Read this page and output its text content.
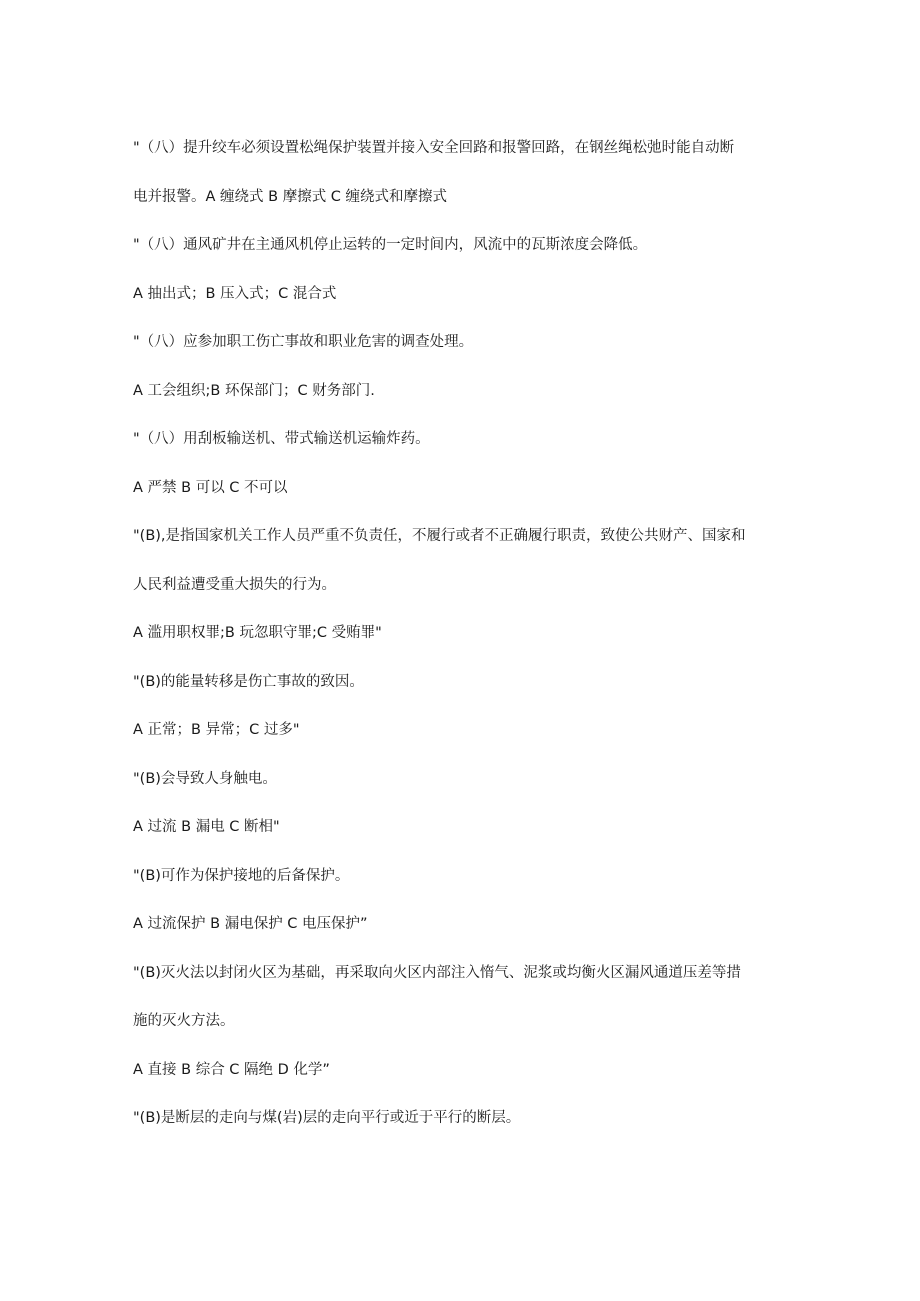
"（八）提升绞车必须设置松绳保护装置并接入安全回路和报警回路，在钢丝绳松弛时能自动断
电并报警。A 缠绕式 B 摩擦式 C 缠绕式和摩擦式
"（八）通风矿井在主通风机停止运转的一定时间内，风流中的瓦斯浓度会降低。
A 抽出式；B 压入式；C 混合式
"（八）应参加职工伤亡事故和职业危害的调查处理。
A 工会组织;B 环保部门；C 财务部门.
"（八）用刮板输送机、带式输送机运输炸药。
A 严禁 B 可以 C 不可以
"(B),是指国家机关工作人员严重不负责任，不履行或者不正确履行职责，致使公共财产、国家和
人民利益遭受重大损失的行为。
A 滥用职权罪;B 玩忽职守罪;C 受贿罪"
"(B)的能量转移是伤亡事故的致因。
A 正常；B 异常；C 过多"
"(B)会导致人身触电。
A 过流 B 漏电 C 断相"
"(B)可作为保护接地的后备保护。
A 过流保护 B 漏电保护 C 电压保护”
"(B)灭火法以封闭火区为基础，再采取向火区内部注入惰气、泥浆或均衡火区漏风通道压差等措
施的灭火方法。
A 直接 B 综合 C 隔绝 D 化学”
"(B)是断层的走向与煤(岩)层的走向平行或近于平行的断层。
